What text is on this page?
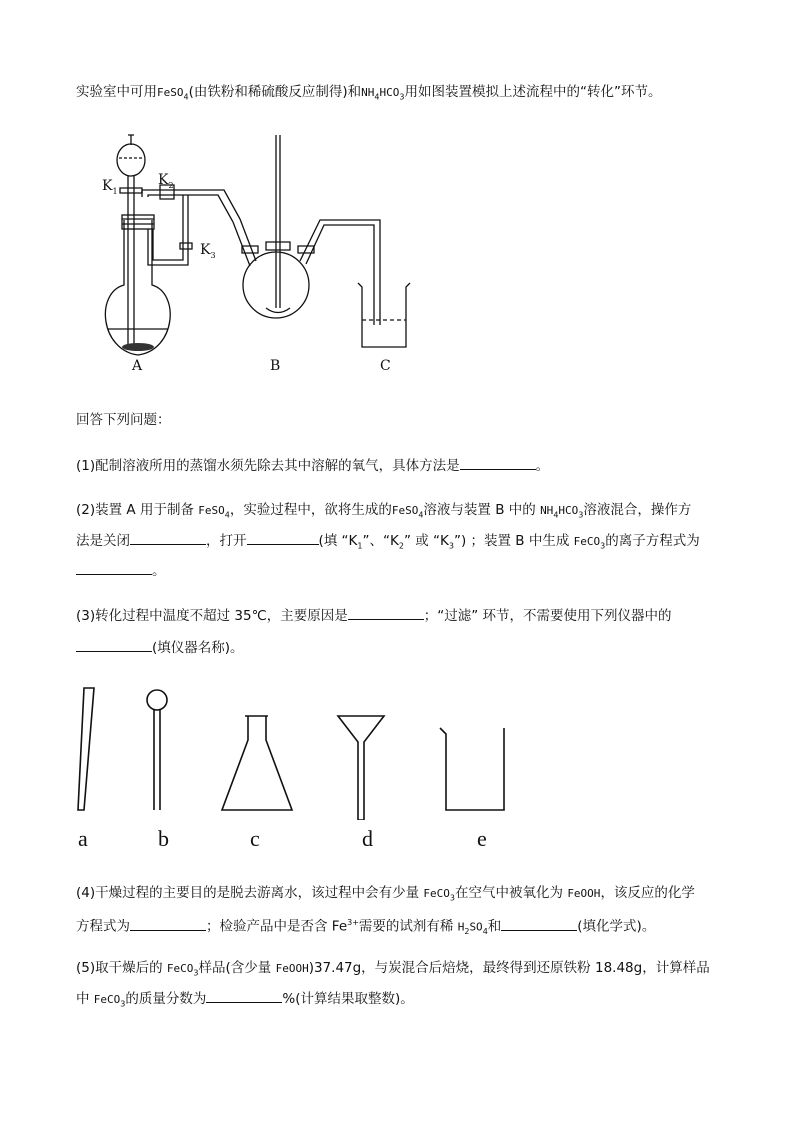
实验室中可用FeSO$_4$(由铁粉和稀硫酸反应制得)和$NH_4HCO_3$用如图装置模拟上述流程中的“转化”环节。
$K_1$
$K_2$
$K_3$
A	B	C
回答下列问题：
(1)配制溶液所用的蒸馏水须先除去其中溶解的氧气，具体方法是	。
(2)装置 A 用于制备 FeSO$_4$，实验过程中，欲将生成的FeSO$_4$溶液与装置 B 中的 $NH_4HCO_3$溶液混合，操作方
法是关闭	，打开	(填 “$K_1$”、“$K_2$” 或 “$K_3$”) ；装置 B 中生成 FeCO$_3$的离子方程式为
。
(3)转化过程中温度不超过 35℃，主要原因是	；“过滤” 环节，不需要使用下列仪器中的
(填仪器名称)。
a	b	c	d	e
(4)干燥过程的主要目的是脱去游离水，该过程中会有少量 FeCO$_3$在空气中被氧化为 FeOOH，该反应的化学
方程式为	；检验产品中是否含 $Fe^{3+}$需要的试剂有稀 $H_2SO_4$和	(填化学式)。
(5)取干燥后的 FeCO$_3$样品(含少量 FeOOH)37.47g，与炭混合后焙烧，最终得到还原铁粉 18.48g，计算样品
中 FeCO$_3$的质量分数为	%(计算结果取整数)。
